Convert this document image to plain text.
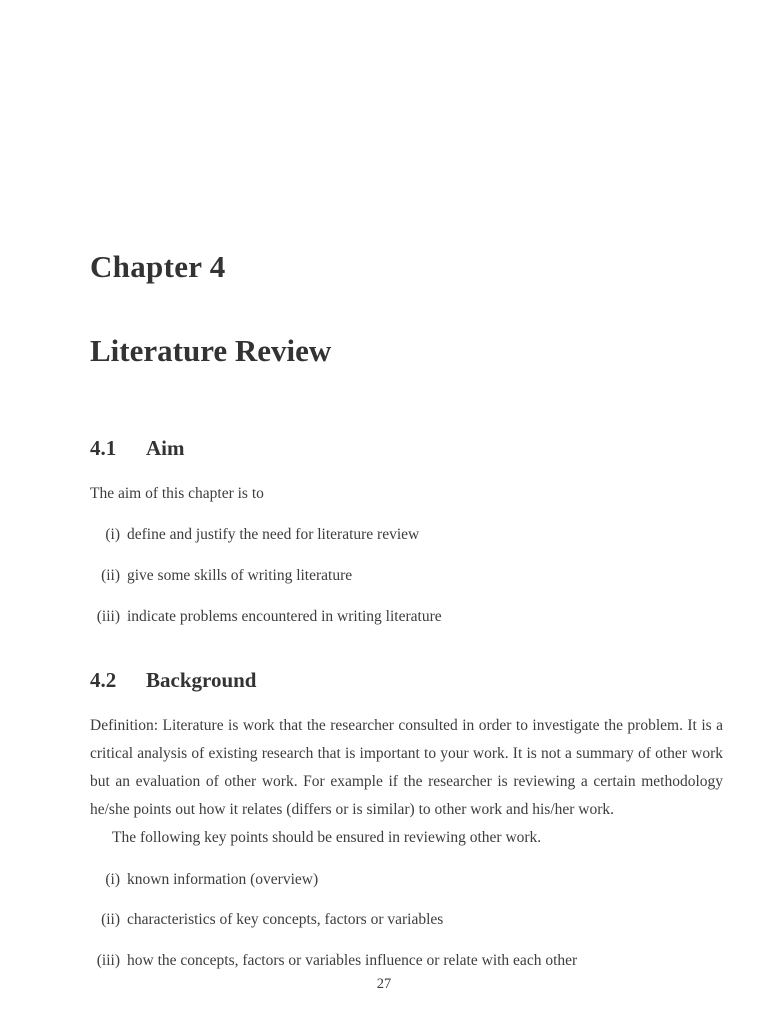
Chapter 4
Literature Review
4.1 Aim
The aim of this chapter is to
(i) define and justify the need for literature review
(ii) give some skills of writing literature
(iii) indicate problems encountered in writing literature
4.2 Background
Definition: Literature is work that the researcher consulted in order to investigate the problem. It is a critical analysis of existing research that is important to your work. It is not a summary of other work but an evaluation of other work. For example if the researcher is reviewing a certain methodology he/she points out how it relates (differs or is similar) to other work and his/her work.
The following key points should be ensured in reviewing other work.
(i) known information (overview)
(ii) characteristics of key concepts, factors or variables
(iii) how the concepts, factors or variables influence or relate with each other
27
